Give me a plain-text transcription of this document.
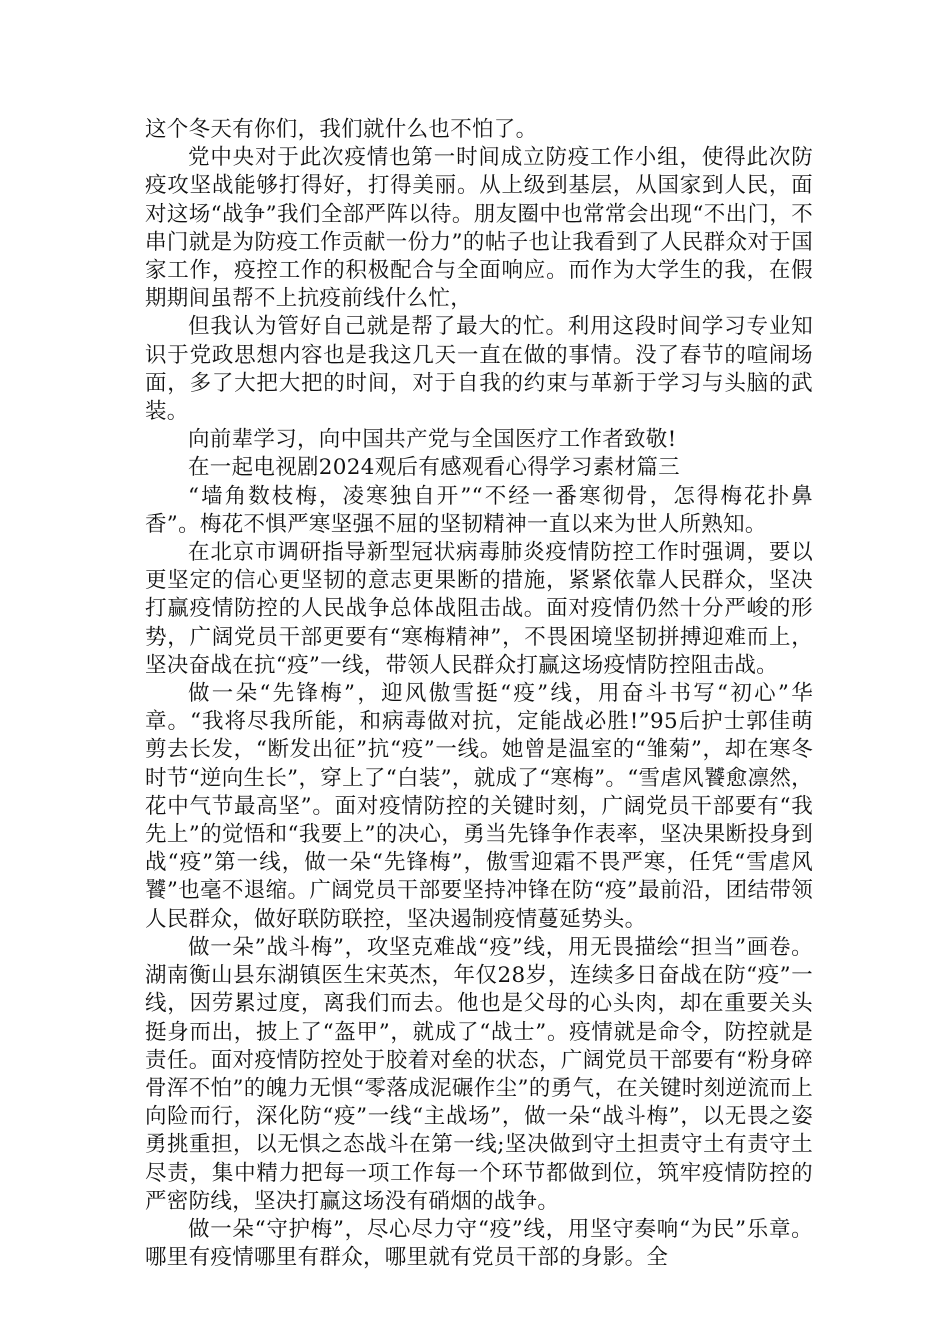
这个冬天有你们，我们就什么也不怕了。

党中央对于此次疫情也第一时间成立防疫工作小组，使得此次防疫攻坚战能够打得好，打得美丽。从上级到基层，从国家到人民，面对这场“战争”我们全部严阵以待。朋友圈中也常常会出现“不出门，不串门就是为防疫工作贡献一份力”的帖子也让我看到了人民群众对于国家工作，疫控工作的积极配合与全面响应。而作为大学生的我，在假期期间虽帮不上抗疫前线什么忙，

但我认为管好自己就是帮了最大的忙。利用这段时间学习专业知识于党政思想内容也是我这几天一直在做的事情。没了春节的喧闹场面，多了大把大把的时间，对于自我的约束与革新于学习与头脑的武装。

向前辈学习，向中国共产党与全国医疗工作者致敬!

在一起电视剧2024观后有感观看心得学习素材篇三

“墙角数枝梅，凌寒独自开”“不经一番寒彻骨，怎得梅花扑鼻香”。梅花不惧严寒坚强不屈的坚韧精神一直以来为世人所熟知。

在北京市调研指导新型冠状病毒肺炎疫情防控工作时强调，要以更坚定的信心更坚韧的意志更果断的措施，紧紧依靠人民群众，坚决打赢疫情防控的人民战争总体战阻击战。面对疫情仍然十分严峻的形势，广阔党员干部更要有“寒梅精神”，不畏困境坚韧拼搏迎难而上，坚决奋战在抗“疫”一线，带领人民群众打赢这场疫情防控阻击战。

做一朵“先锋梅”，迎风傲雪挺“疫”线，用奋斗书写“初心”华章。“我将尽我所能，和病毒做对抗，定能战必胜!”95后护士郭佳萌剪去长发，“断发出征”抗“疫”一线。她曾是温室的“雏菊”，却在寒冬时节“逆向生长”，穿上了“白装”，就成了“寒梅”。“雪虐风饕愈凛然，花中气节最高坚”。面对疫情防控的关键时刻，广阔党员干部要有“我先上”的觉悟和“我要上”的决心，勇当先锋争作表率，坚决果断投身到战“疫”第一线，做一朵“先锋梅”，傲雪迎霜不畏严寒，任凭“雪虐风饕”也毫不退缩。广阔党员干部要坚持冲锋在防“疫”最前沿，团结带领人民群众，做好联防联控，坚决遏制疫情蔓延势头。

做一朵”战斗梅”，攻坚克难战“疫”线，用无畏描绘“担当”画卷。湖南衡山县东湖镇医生宋英杰，年仅28岁，连续多日奋战在防“疫”一线，因劳累过度，离我们而去。他也是父母的心头肉，却在重要关头挺身而出，披上了“盔甲”，就成了“战士”。疫情就是命令，防控就是责任。面对疫情防控处于胶着对垒的状态，广阔党员干部要有“粉身碎骨浑不怕”的魄力无惧“零落成泥碾作尘”的勇气，在关键时刻逆流而上向险而行，深化防“疫”一线“主战场”，做一朵“战斗梅”，以无畏之姿勇挑重担，以无惧之态战斗在第一线;坚决做到守土担责守土有责守土尽责，集中精力把每一项工作每一个环节都做到位，筑牢疫情防控的严密防线，坚决打赢这场没有硝烟的战争。

做一朵“守护梅”，尽心尽力守“疫”线，用坚守奏响“为民”乐章。哪里有疫情哪里有群众，哪里就有党员干部的身影。全
